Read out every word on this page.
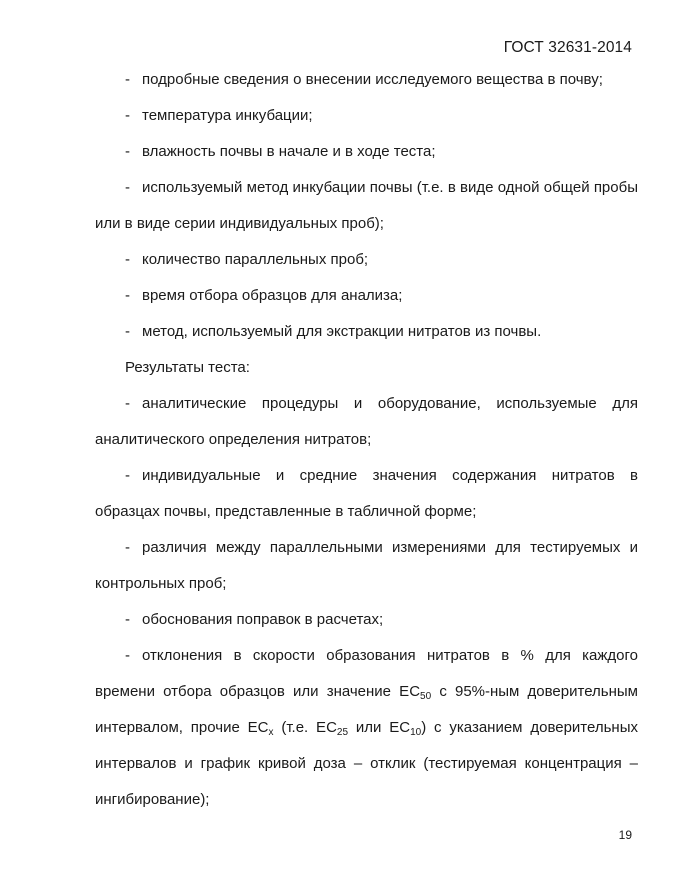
ГОСТ 32631-2014

- подробные сведения о внесении исследуемого вещества в почву;

- температура инкубации;

- влажность почвы в начале и в ходе теста;

- используемый метод инкубации почвы (т.е. в виде одной общей пробы или в виде серии индивидуальных проб);

- количество параллельных проб;

- время отбора образцов для анализа;

- метод, используемый для экстракции нитратов из почвы.

Результаты теста:

- аналитические процедуры и оборудование, используемые для аналитического определения нитратов;

- индивидуальные и средние значения содержания нитратов в образцах почвы, представленные в табличной форме;

- различия между параллельными измерениями для тестируемых и контрольных проб;

- обоснования поправок в расчетах;

- отклонения в скорости образования нитратов в % для каждого времени отбора образцов или значение $EC_{50}$ с 95%-ным доверительным интервалом, прочие $EC_x$ (т.е. $EC_{25}$ или $EC_{10}$) с указанием доверительных интервалов и график кривой доза – отклик (тестируемая концентрация – ингибирование);

19
